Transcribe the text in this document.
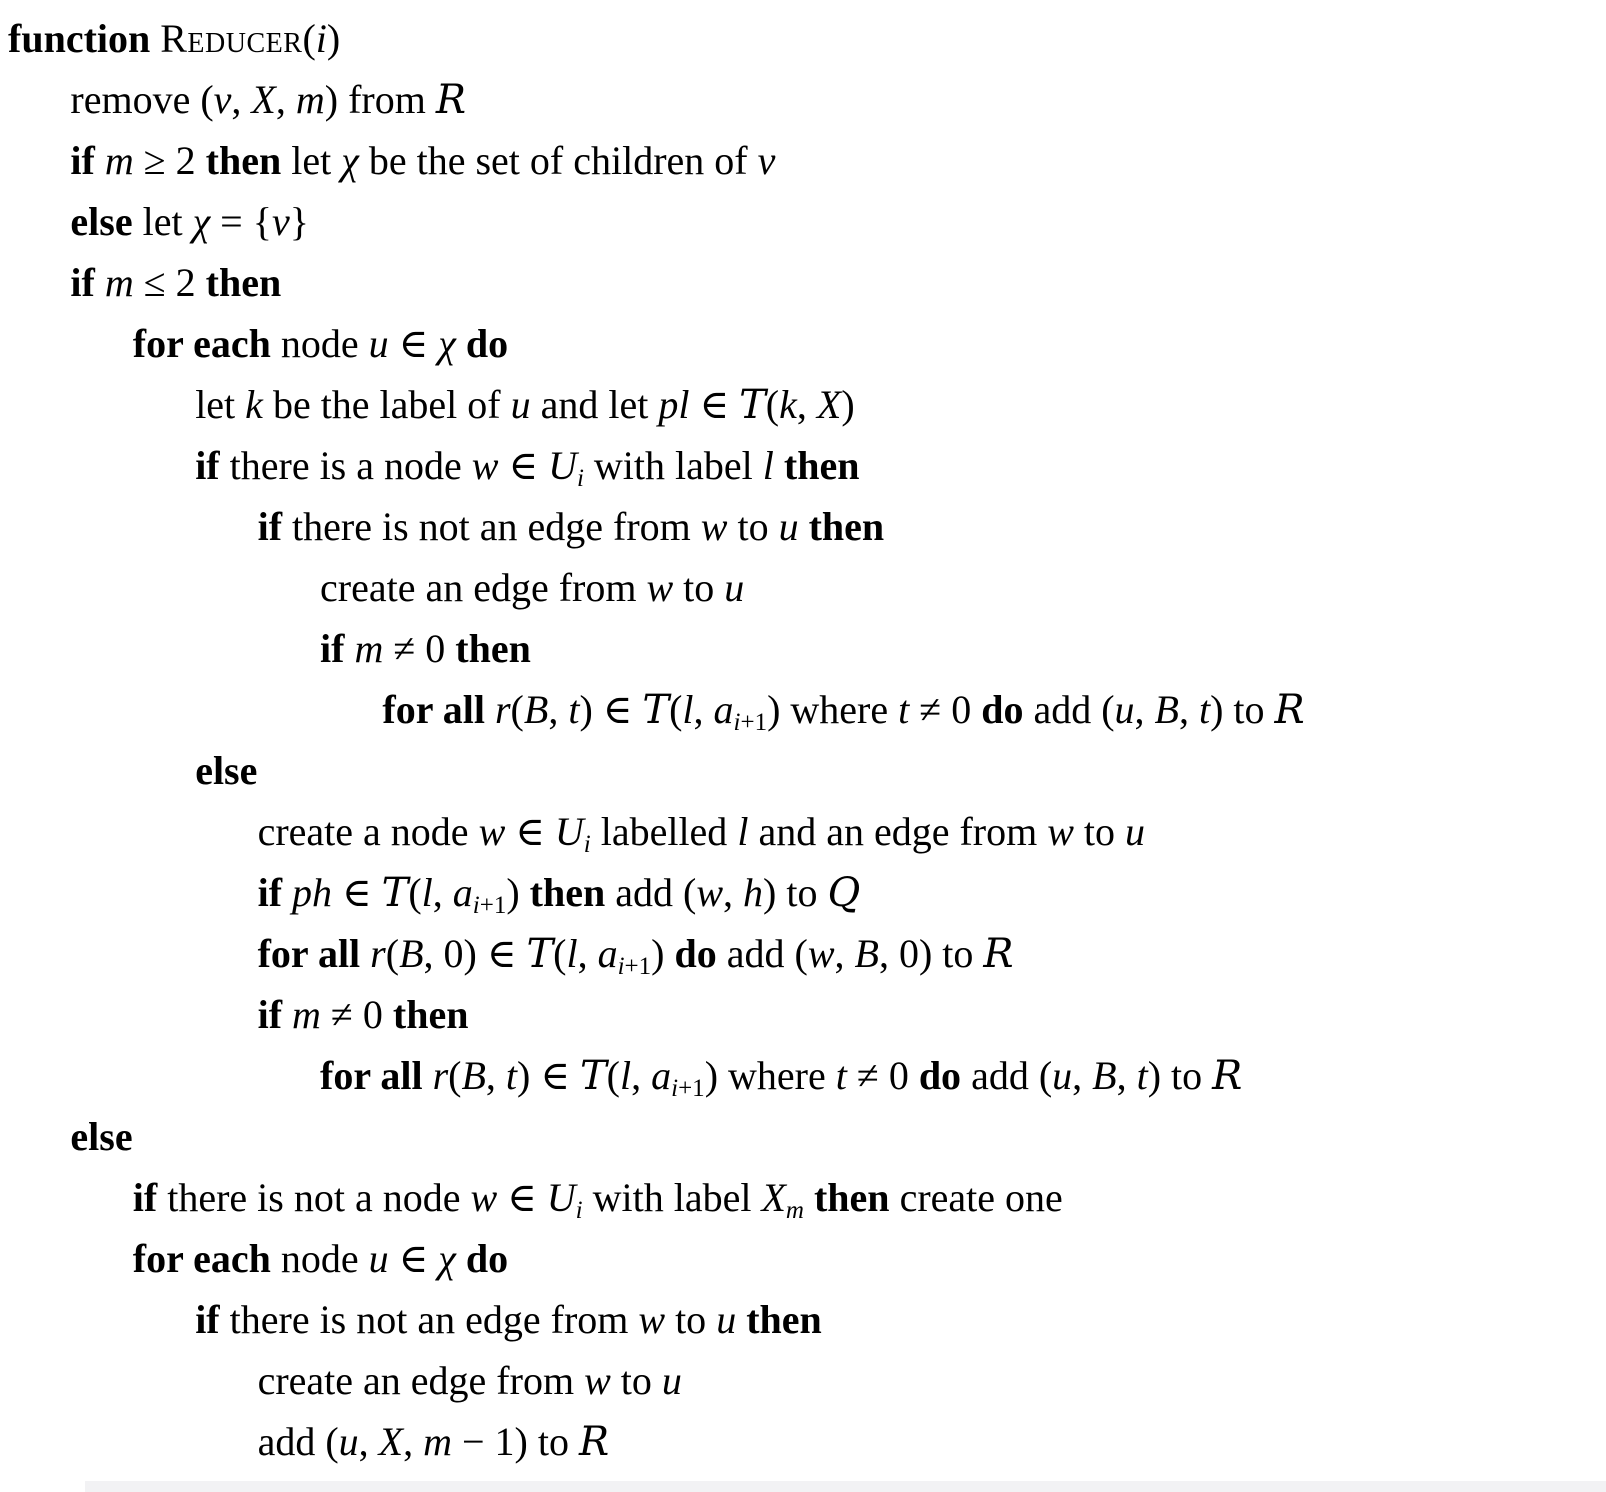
function Reducer(i)
remove (v, X, m) from R
if m ≥ 2 then let χ be the set of children of v
else let χ = {v}
if m ≤ 2 then
for each node u ∈ χ do
let k be the label of u and let pl ∈ T(k, X)
if there is a node w ∈ $U_i$ with label l then
if there is not an edge from w to u then
create an edge from w to u
if m ≠ 0 then
for all r(B, t) ∈ T(l, $a_{i+1}$) where t ≠ 0 do add (u, B, t) to R
else
create a node w ∈ $U_i$ labelled l and an edge from w to u
if ph ∈ T(l, $a_{i+1}$) then add (w, h) to Q
for all r(B, 0) ∈ T(l, $a_{i+1}$) do add (w, B, 0) to R
if m ≠ 0 then
for all r(B, t) ∈ T(l, $a_{i+1}$) where t ≠ 0 do add (u, B, t) to R
else
if there is not a node w ∈ $U_i$ with label $X_m$ then create one
for each node u ∈ χ do
if there is not an edge from w to u then
create an edge from w to u
add (u, X, m − 1) to R
